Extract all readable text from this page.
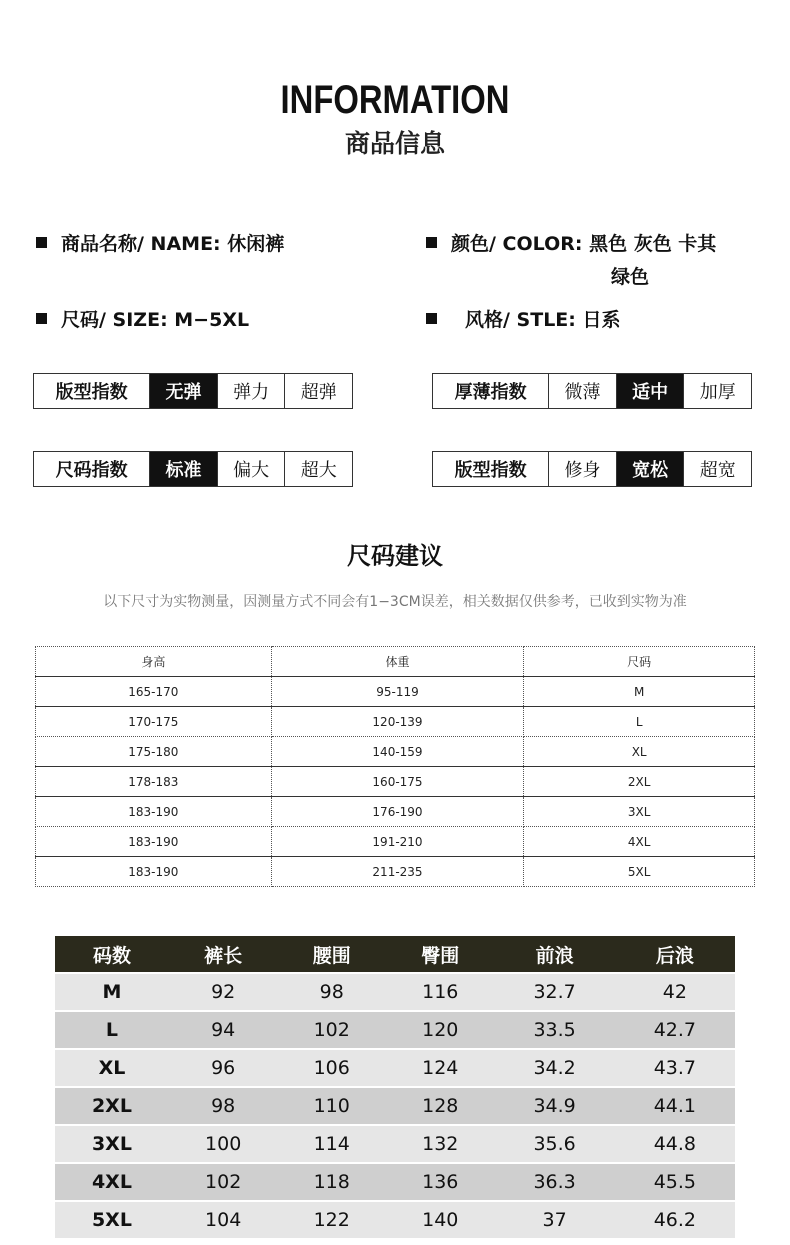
INFORMATION
商品信息
商品名称/ NAME: 休闲裤	颜色/ COLOR: 黑色 灰色 卡其
绿色
尺码/ SIZE: M−5XL	风格/ STLE: 日系
版型指数	无弹	弹力	超弹	厚薄指数	微薄	适中	加厚
尺码指数	标准	偏大	超大	版型指数	修身	宽松	超宽
尺码建议
以下尺寸为实物测量，因测量方式不同会有1−3CM误差，相关数据仅供参考，已收到实物为准
身高	体重	尺码
165-170	95-119	M
170-175	120-139	L
175-180	140-159	XL
178-183	160-175	2XL
183-190	176-190	3XL
183-190	191-210	4XL
183-190	211-235	5XL
码数	裤长	腰围	臀围	前浪	后浪
M	92	98	116	32.7	42
L	94	102	120	33.5	42.7
XL	96	106	124	34.2	43.7
2XL	98	110	128	34.9	44.1
3XL	100	114	132	35.6	44.8
4XL	102	118	136	36.3	45.5
5XL	104	122	140	37	46.2
